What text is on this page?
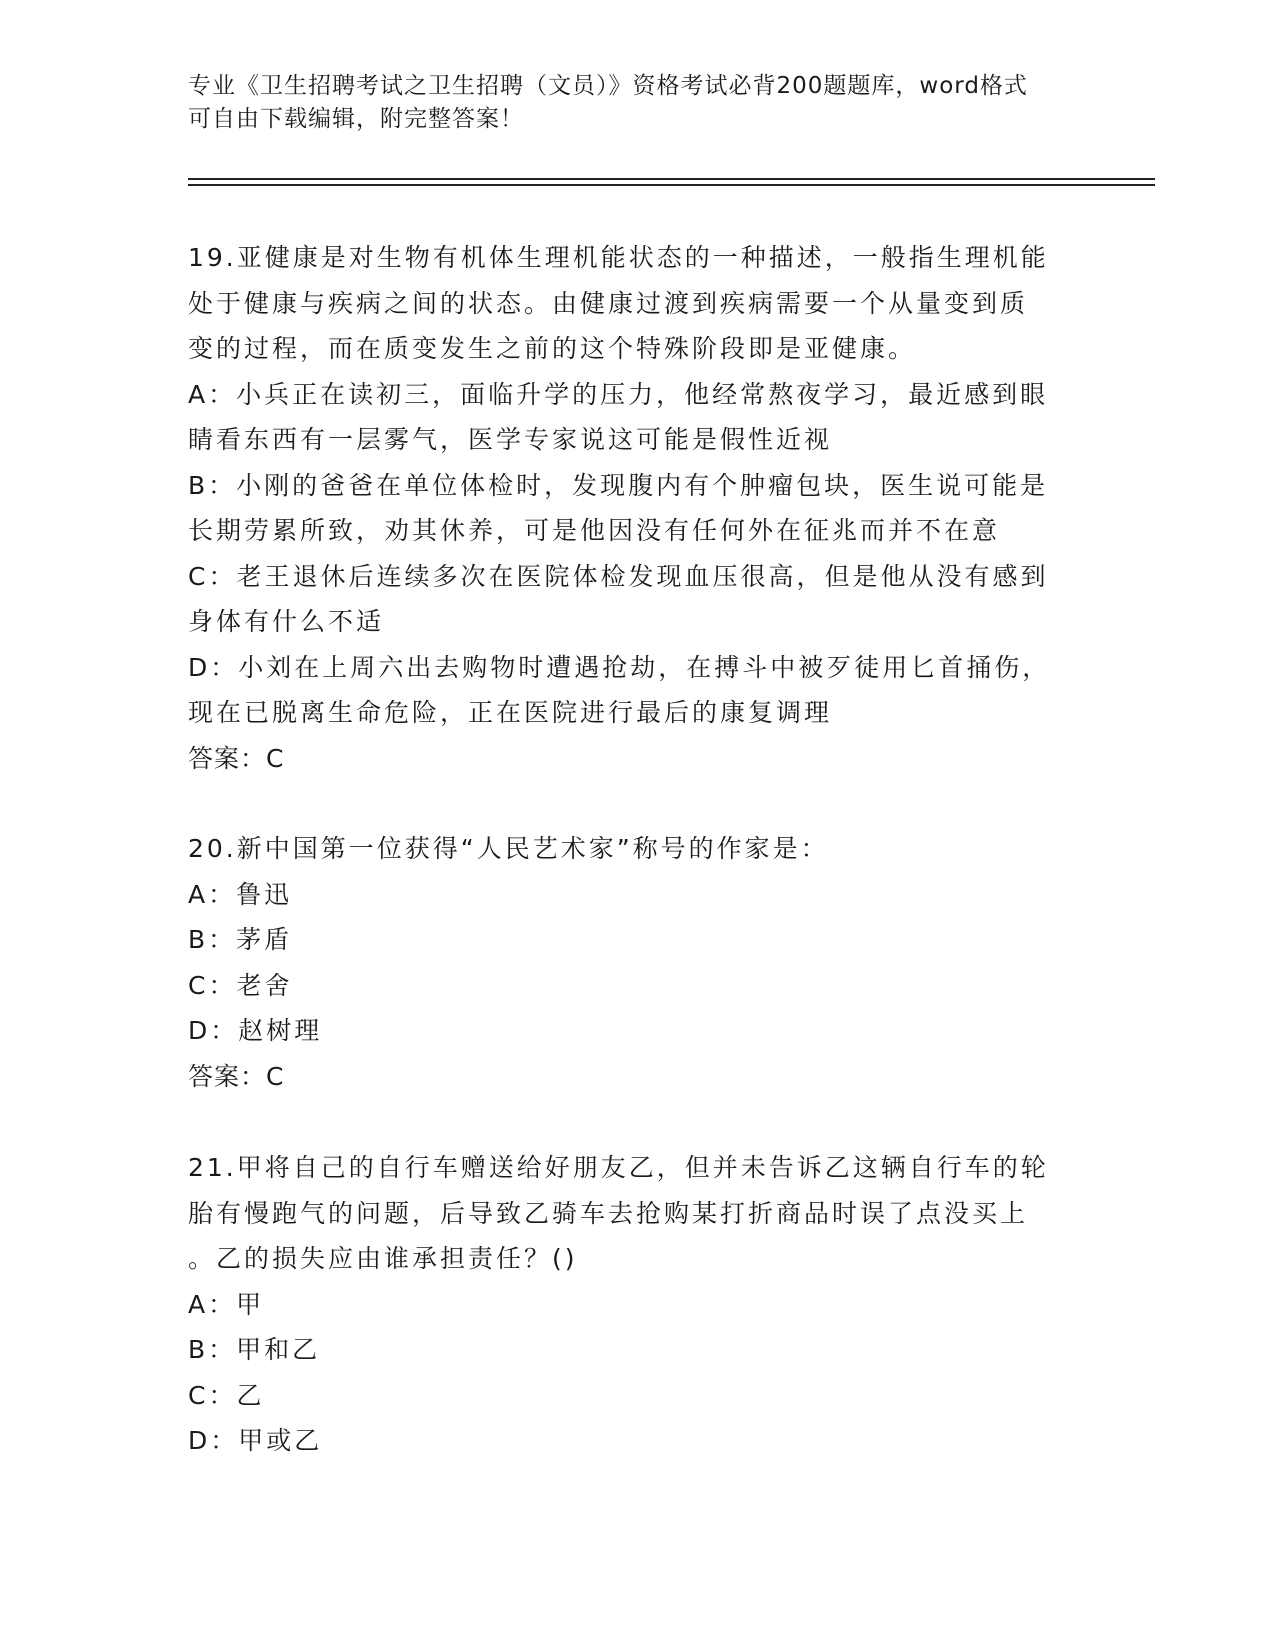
专业《卫生招聘考试之卫生招聘（文员）》资格考试必背200题题库，word格式
可自由下载编辑，附完整答案！
19.亚健康是对生物有机体生理机能状态的一种描述，一般指生理机能
处于健康与疾病之间的状态。由健康过渡到疾病需要一个从量变到质
变的过程，而在质变发生之前的这个特殊阶段即是亚健康。
A：小兵正在读初三，面临升学的压力，他经常熬夜学习，最近感到眼
睛看东西有一层雾气，医学专家说这可能是假性近视
B：小刚的爸爸在单位体检时，发现腹内有个肿瘤包块，医生说可能是
长期劳累所致，劝其休养，可是他因没有任何外在征兆而并不在意
C：老王退休后连续多次在医院体检发现血压很高，但是他从没有感到
身体有什么不适
D：小刘在上周六出去购物时遭遇抢劫，在搏斗中被歹徒用匕首捅伤，
现在已脱离生命危险，正在医院进行最后的康复调理
答案：C
20.新中国第一位获得“人民艺术家”称号的作家是：
A：鲁迅
B：茅盾
C：老舍
D：赵树理
答案：C
21.甲将自己的自行车赠送给好朋友乙，但并未告诉乙这辆自行车的轮
胎有慢跑气的问题，后导致乙骑车去抢购某打折商品时误了点没买上
。乙的损失应由谁承担责任？()
A：甲
B：甲和乙
C：乙
D：甲或乙
